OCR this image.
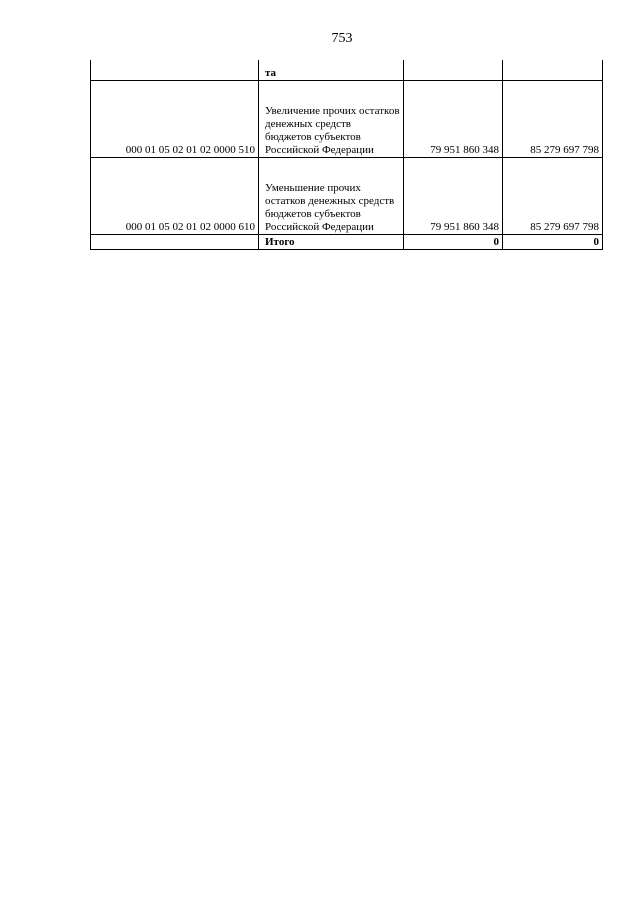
753
	та		
000 01 05 02 01 02 0000 510	Увеличение прочих остатков денежных средств бюджетов субъектов Российской Федерации	79 951 860 348	85 279 697 798
000 01 05 02 01 02 0000 610	Уменьшение прочих остатков денежных средств бюджетов субъектов Российской Федерации	79 951 860 348	85 279 697 798
	Итого	0	0
